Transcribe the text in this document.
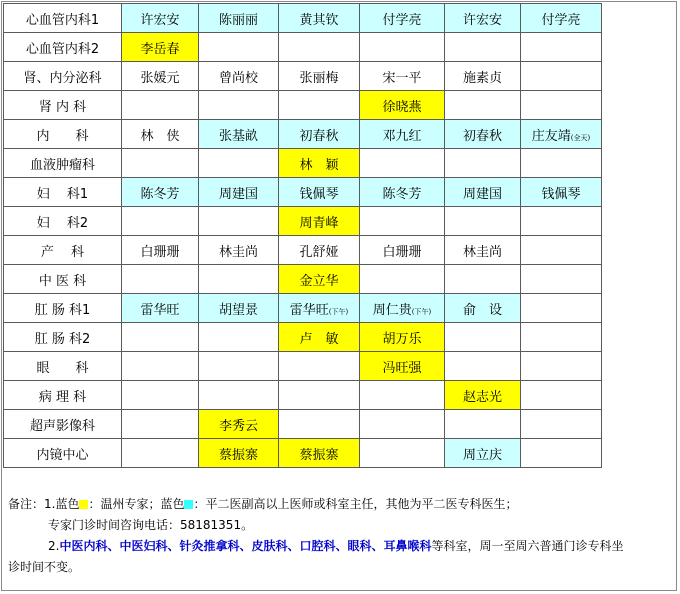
心血管内科1	许宏安	陈丽丽	黄其钦	付学亮	许宏安	付学亮
心血管内科2	李岳春					
肾、内分泌科	张媛元	曾尚校	张丽梅	宋一平	施素贞	
肾 内 科				徐晓燕		
内　　科	林　侠	张基畝	初春秋	邓九红	初春秋	庄友靖(全天)
血液肿瘤科			林　颖			
妇　 科1	陈冬芳	周建国	钱佩琴	陈冬芳	周建国	钱佩琴
妇　 科2			周青峰			
产　 科	白珊珊	林圭尚	孔舒娅	白珊珊	林圭尚	
中 医 科			金立华			
肛 肠 科1	雷华旺	胡望景	雷华旺(下午)	周仁贵(下午)	俞　设	
肛 肠 科2			卢　敏	胡万乐		
眼　　科				冯旺强		
病 理 科					赵志光	
超声影像科		李秀云				
内镜中心		蔡振寨	蔡振寨		周立庆	
备注：1.蓝色 ：温州专家；蓝色 ：平二医副高以上医师或科室主任，其他为平二医专科医生；
专家门诊时间咨询电话：58181351。
2.中医内科、中医妇科、针灸推拿科、皮肤科、口腔科、眼科、耳鼻喉科等科室，周一至周六普通门诊专科坐
诊时间不变。
